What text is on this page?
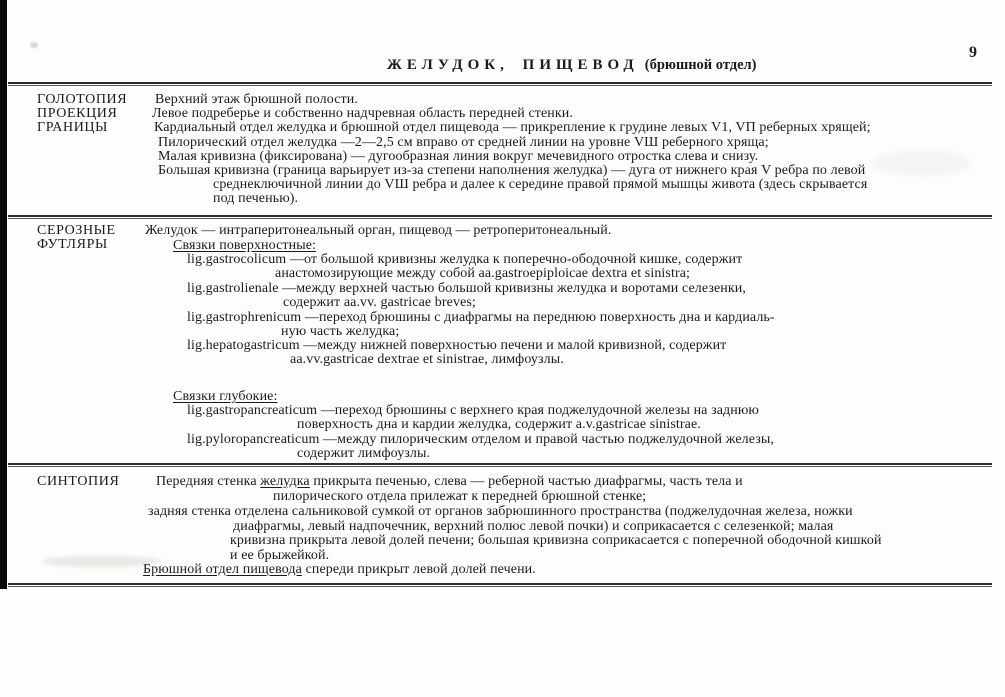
ЖЕЛУДОК, ПИЩЕВОД (брюшной отдел)
9
ГОЛОТОПИЯ
ПРОЕКЦИЯ
ГРАНИЦЫ
Верхний этаж брюшной полости.
Левое подреберье и собственно надчревная область передней стенки.
Кардиальный отдел желудка и брюшной отдел пищевода — прикрепление к грудине левых V1, VП реберных хрящей;
Пилорический отдел желудка —2—2,5 см вправо от средней линии на уровне VШ реберного хряща;
Малая кривизна (фиксирована) — дугообразная линия вокруг мечевидного отростка слева и снизу.
Большая кривизна (граница варьирует из-за степени наполнения желудка) — дуга от нижнего края V ребра по левой
среднеключичной линии до VШ ребра и далее к середине правой прямой мышцы живота (здесь скрывается
под печенью).
СЕРОЗНЫЕ
ФУТЛЯРЫ
Желудок — интраперитонеальный орган, пищевод — ретроперитонеальный.
Связки поверхностные:
lig.gastrocolicum —от большой кривизны желудка к поперечно-ободочной кишке, содержит
анастомозирующие между собой aa.gastroepiploicae dextra et sinistra;
lig.gastrolienale —между верхней частью большой кривизны желудка и воротами селезенки,
содержит aa.vv. gastricae breves;
lig.gastrophrenicum —переход брюшины с диафрагмы на переднюю поверхность дна и кардиаль-
ную часть желудка;
lig.hepatogastricum —между нижней поверхностью печени и малой кривизной, содержит
aa.vv.gastricae dextrae et sinistrae, лимфоузлы.
Связки глубокие:
lig.gastropancreaticum —переход брюшины с верхнего края поджелудочной железы на заднюю
поверхность дна и кардии желудка, содержит a.v.gastricae sinistrae.
lig.pyloropancreaticum —между пилорическим отделом и правой частью поджелудочной железы,
содержит лимфоузлы.
СИНТОПИЯ	Передняя стенка желудка прикрыта печенью, слева — реберной частью диафрагмы, часть тела и
пилорического отдела прилежат к передней брюшной стенке;
задняя стенка отделена сальниковой сумкой от органов забрюшинного пространства (поджелудочная железа, ножки
диафрагмы, левый надпочечник, верхний полюс левой почки) и соприкасается с селезенкой; малая
кривизна прикрыта левой долей печени; большая кривизна соприкасается с поперечной ободочной кишкой
и ее брыжейкой.
Брюшной отдел пищевода спереди прикрыт левой долей печени.
